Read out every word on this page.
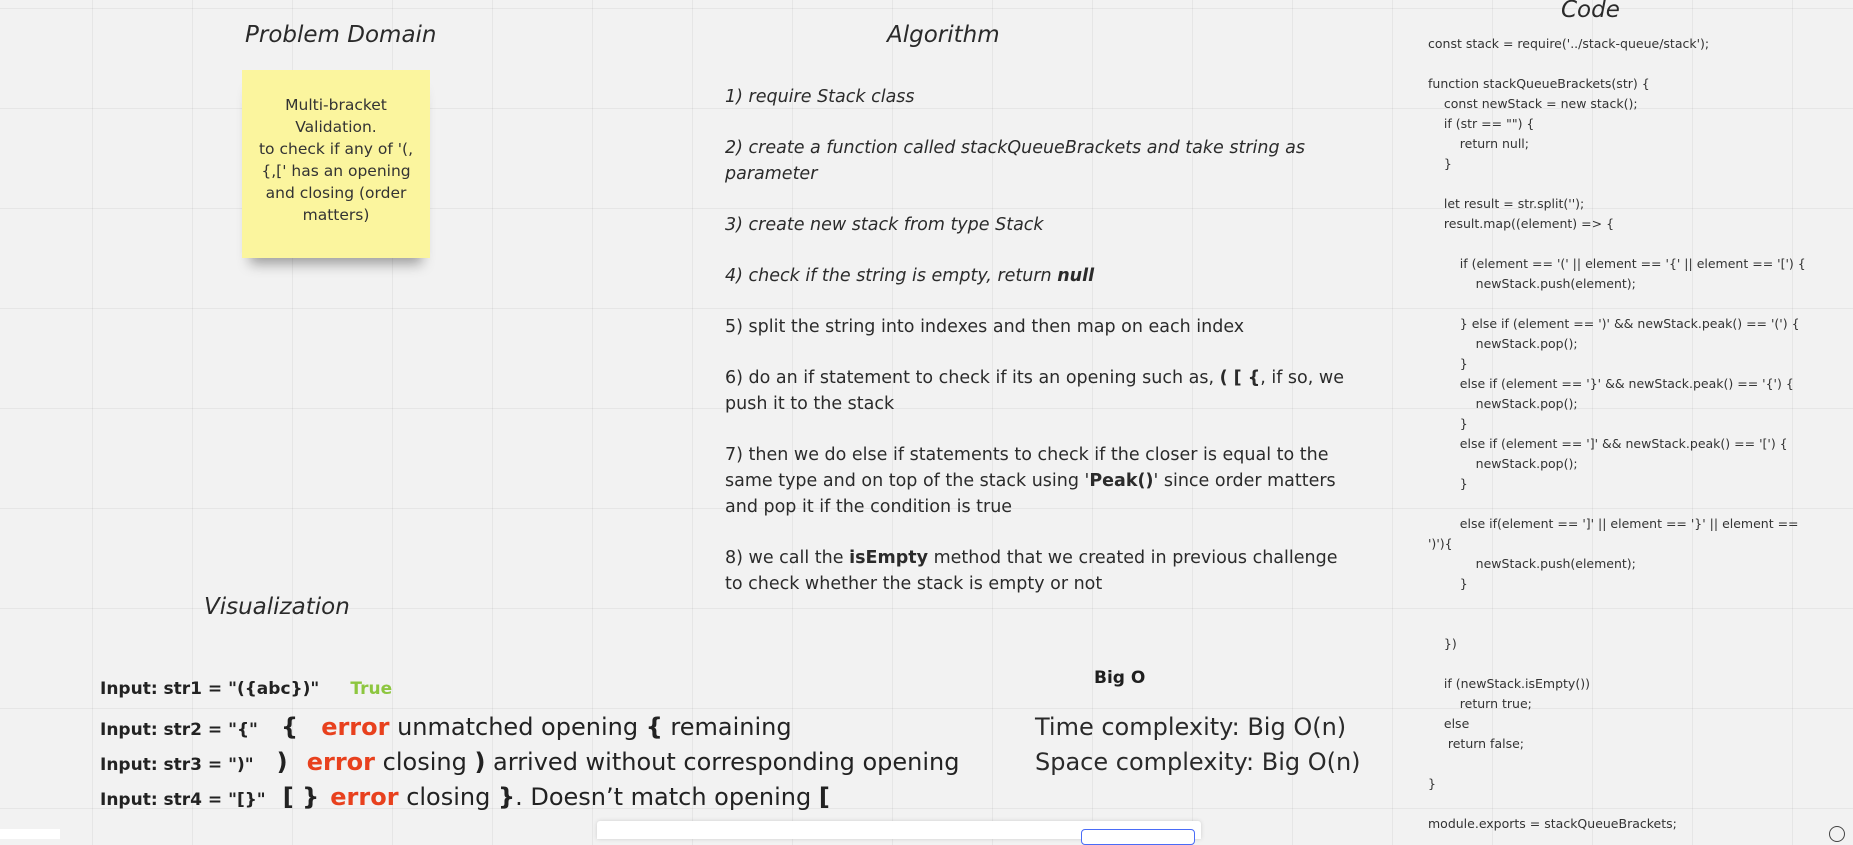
Problem Domain	Algorithm
Code
Visualization
Multi-bracket
Validation.
to check if any of '(,
{,[' has an opening
and closing (order
matters)
1) require Stack class
2) create a function called stackQueueBrackets and take string as parameter
3) create new stack from type Stack
4) check if the string is empty, return null
5) split the string into indexes and then map on each index
6) do an if statement to check if its an opening such as, ( [ {, if so, we push it to the stack
7) then we do else if statements to check if the closer is equal to the same type and on top of the stack using 'Peak()' since order matters and pop it if the condition is true
8) we call the isEmpty method that we created in previous challenge to check whether the stack is empty or not
const stack = require('../stack-queue/stack');
function stackQueueBrackets(str) {
const newStack = new stack();
if (str == "") {
return null;
}
let result = str.split('');
result.map((element) => {
if (element == '(' || element == '{' || element == '[') {
newStack.push(element);
} else if (element == ')' && newStack.peak() == '(') {
newStack.pop();
}
else if (element == '}' && newStack.peak() == '{') {
newStack.pop();
}
else if (element == ']' && newStack.peak() == '[') {
newStack.pop();
}
else if(element == ']' || element == '}' || element ==
')'){
newStack.push(element);
}
})
if (newStack.isEmpty())
return true;
else
return false;
}
module.exports = stackQueueBrackets;
Input: str1 = "({abc})" True
Input: str2 = "{" { error unmatched opening { remaining
Input: str3 = ")" ) error closing ) arrived without corresponding opening
Input: str4 = "[}" [ } error closing }. Doesn’t match opening [
Big O
Time complexity: Big O(n)
Space complexity: Big O(n)
